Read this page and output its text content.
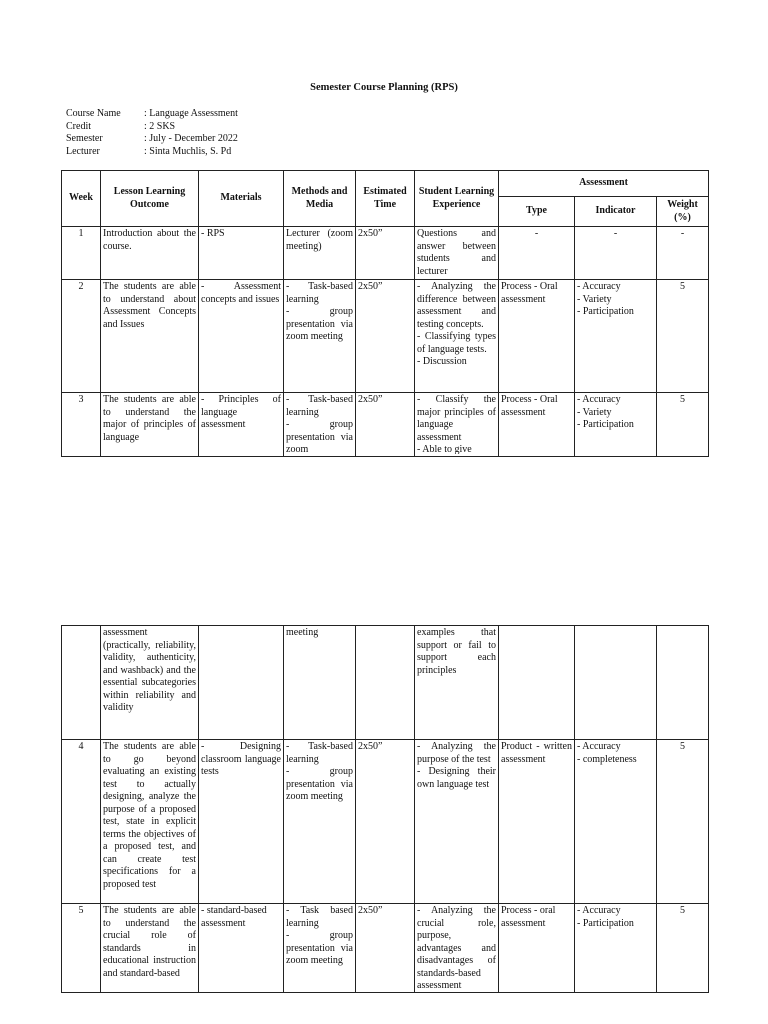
Semester Course Planning (RPS)
Course Name	: Language Assessment
Credit	: 2 SKS
Semester	: July - December 2022
Lecturer	: Sinta Muchlis, S. Pd
Week	Lesson Learning Outcome	Materials	Methods and Media	Estimated Time	Student Learning Experience	Assessment		
						Type	Indicator	Weight (%)
1	Introduction about the course.	- RPS	Lecturer (zoom meeting)	2x50”	Questions and answer between students and lecturer	-	-	-
2	The students are able to understand about Assessment Concepts and Issues	- Assessment concepts and issues	- Task-based learning
- group presentation via zoom meeting	2x50”	- Analyzing the difference between assessment and testing concepts.
- Classifying types of language tests.
- Discussion	Process - Oral assessment	- Accuracy
- Variety
- Participation	5
3	The students are able to understand the major of principles of language	- Principles of language assessment	- Task-based learning
- group presentation via zoom	2x50”	- Classify the major principles of language assessment
- Able to give	Process - Oral assessment	- Accuracy
- Variety
- Participation	5
	assessment (practically, reliability, validity, authenticity, and washback) and the essential subcategories within reliability and validity		meeting		examples that support or fail to support each principles			
4	The students are able to go beyond evaluating an existing test to actually designing, analyze the purpose of a proposed test, state in explicit terms the objectives of a proposed test, and can create test specifications for a proposed test	- Designing classroom language tests	- Task-based learning
- group presentation via zoom meeting	2x50”	- Analyzing the purpose of the test
- Designing their own language test	Product - written assessment	- Accuracy
- completeness	5
5	The students are able to understand the crucial role of standards in educational instruction and standard-based	- standard-based assessment	- Task based learning
- group presentation via zoom meeting	2x50”	- Analyzing the crucial role, purpose, advantages and disadvantages of standards-based assessment	Process - oral assessment	- Accuracy
- Participation	5
